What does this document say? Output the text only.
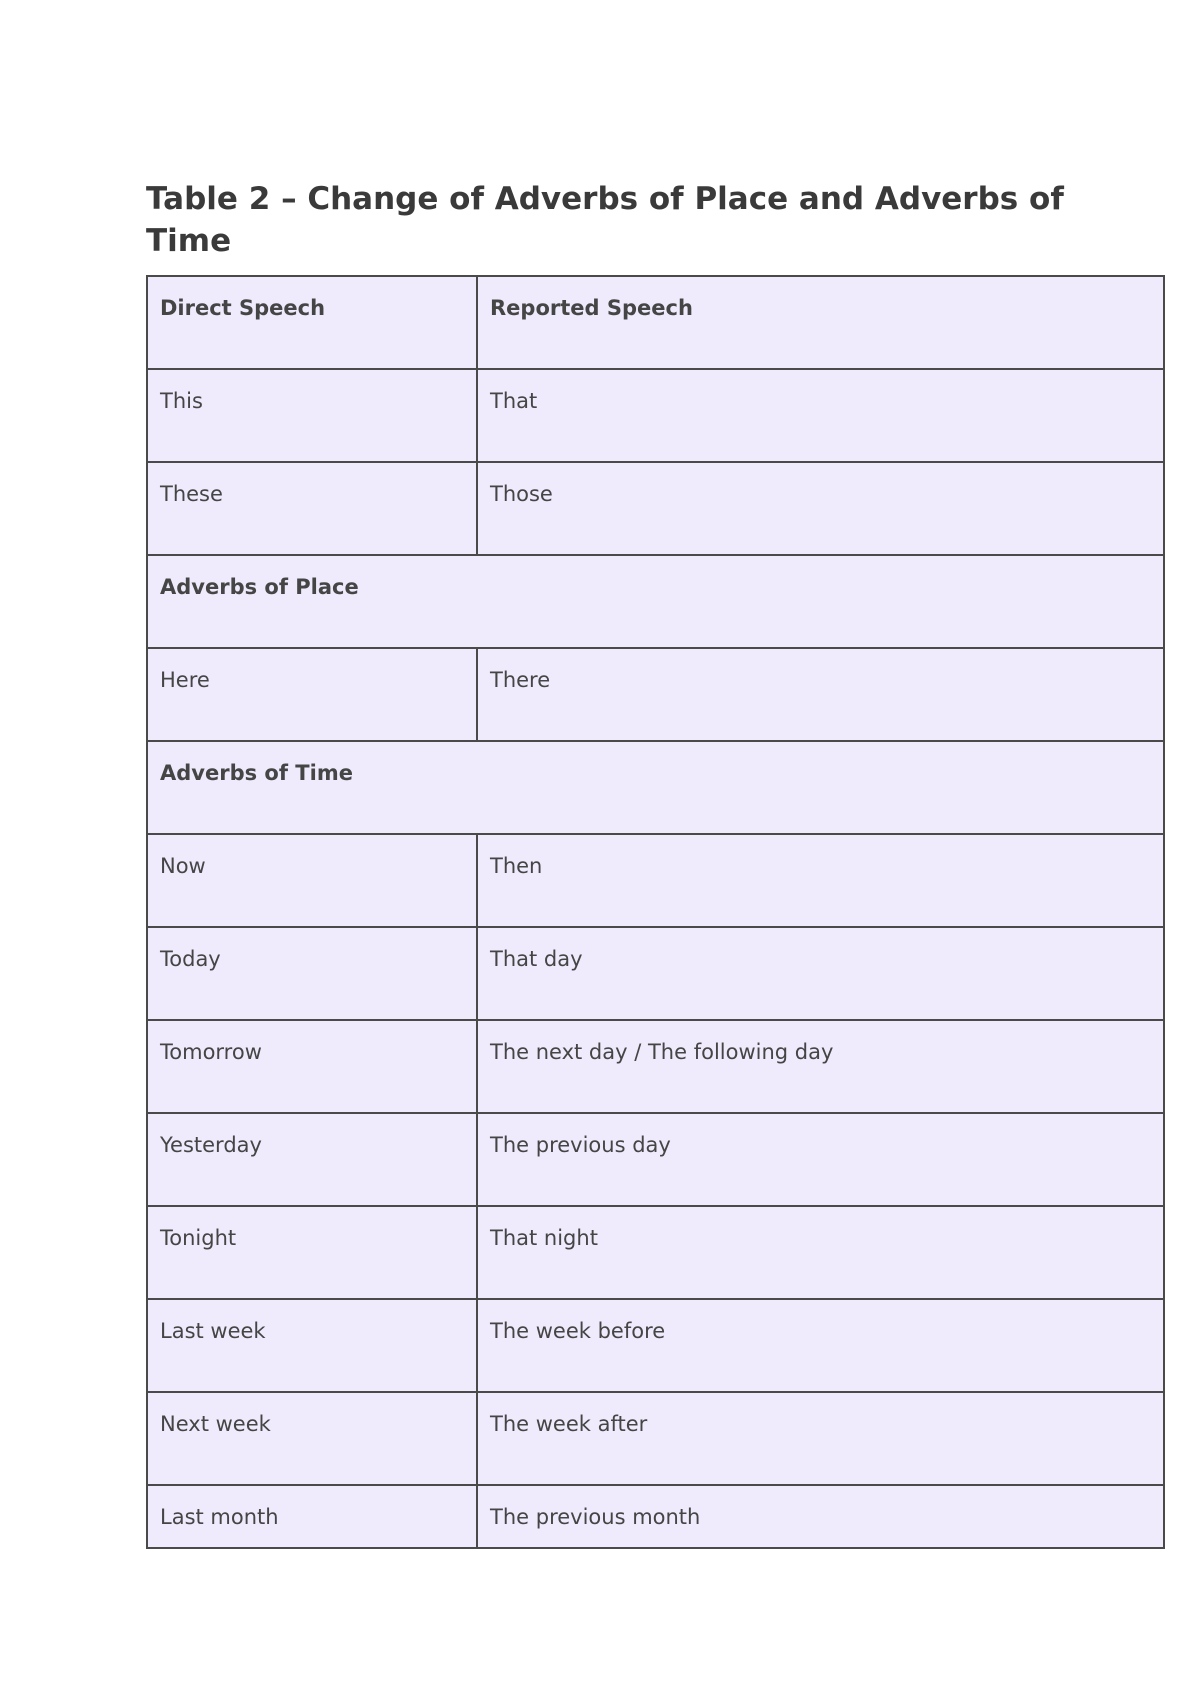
Table 2 – Change of Adverbs of Place and Adverbs of Time
Direct Speech	Reported Speech
This	That
These	Those
Adverbs of Place	
Here	There
Adverbs of Time	
Now	Then
Today	That day
Tomorrow	The next day / The following day
Yesterday	The previous day
Tonight	That night
Last week	The week before
Next week	The week after
Last month	The previous month
